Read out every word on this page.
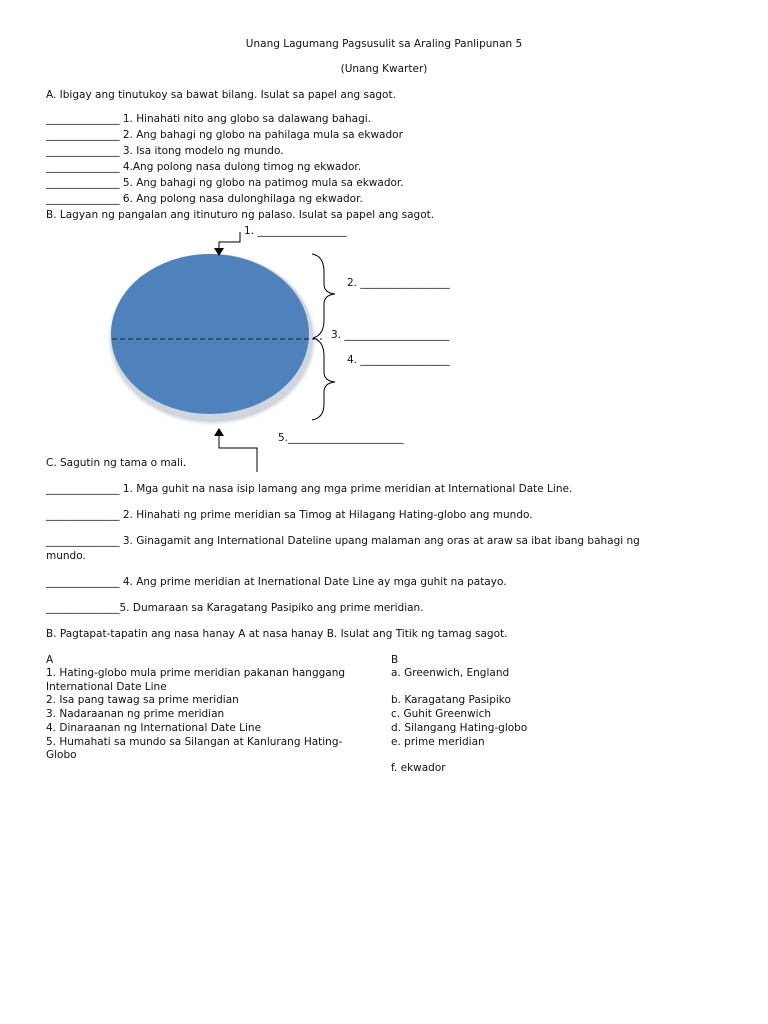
Unang Lagumang Pagsusulit sa Araling Panlipunan 5
(Unang Kwarter)
A. Ibigay ang tinutukoy sa bawat bilang. Isulat sa papel ang sagot.
______________ 1. Hinahati nito ang globo sa dalawang bahagi.
______________ 2. Ang bahagi ng globo na pahilaga mula sa ekwador
______________ 3. Isa itong modelo ng mundo.
______________ 4.Ang polong nasa dulong timog ng ekwador.
______________ 5. Ang bahagi ng globo na patimog mula sa ekwador.
______________ 6. Ang polong nasa dulonghilaga ng ekwador.
B. Lagyan ng pangalan ang itinuturo ng palaso. Isulat sa papel ang sagot.
1. _________________
2. _________________
3. ____________________
4. _________________
5.______________________
C. Sagutin ng tama o mali.
______________ 1. Mga guhit na nasa isip lamang ang mga prime meridian at International Date Line.
______________ 2. Hinahati ng prime meridian sa Timog at Hilagang Hating-globo ang mundo.
______________ 3. Ginagamit ang International Dateline upang malaman ang oras at araw sa ibat ibang bahagi ng
mundo.
______________ 4. Ang prime meridian at Inernational Date Line ay mga guhit na patayo.
______________5. Dumaraan sa Karagatang Pasipiko ang prime meridian.
B. Pagtapat-tapatin ang nasa hanay A at nasa hanay B. Isulat ang Titik ng tamag sagot.
A
1. Hating-globo mula prime meridian pakanan hanggang
International Date Line
2. Isa pang tawag sa prime meridian
3. Nadaraanan ng prime meridian
4. Dinaraanan ng International Date Line
5. Humahati sa mundo sa Silangan at Kanlurang Hating-
Globo
B
a. Greenwich, England
b. Karagatang Pasipiko
c. Guhit Greenwich
d. Silangang Hating-globo
e. prime meridian
f. ekwador
